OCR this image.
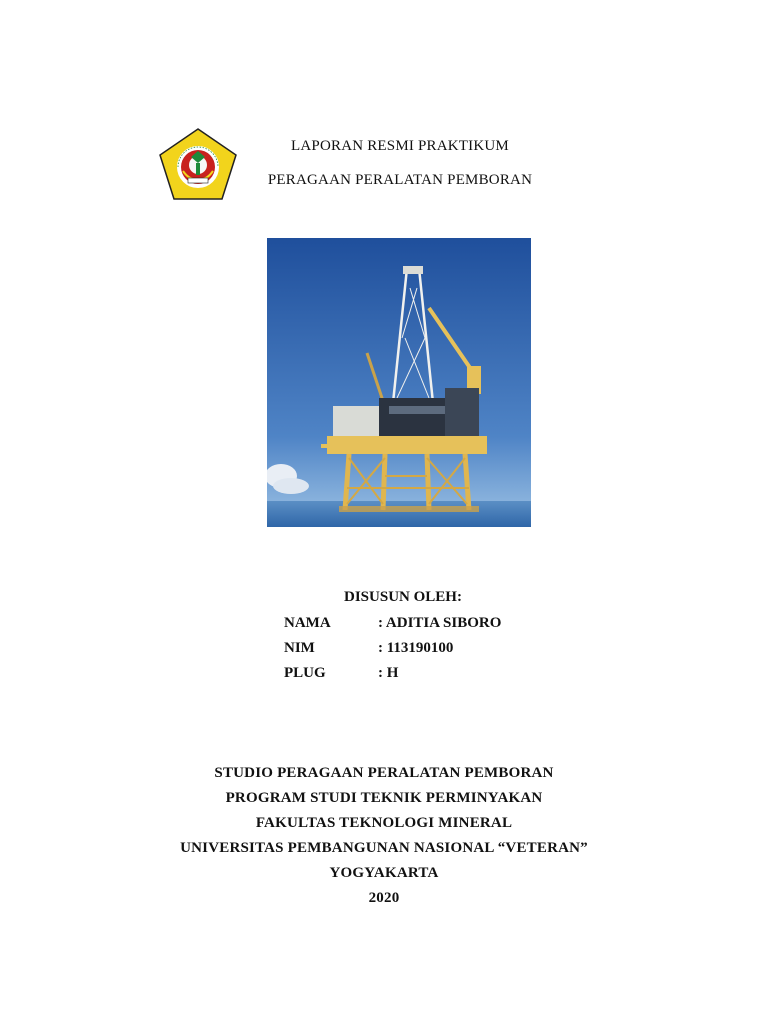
LAPORAN RESMI PRAKTIKUM
PERAGAAN PERALATAN PEMBORAN
DISUSUN OLEH:
NAMA	: ADITIA SIBORO
NIM	: 113190100
PLUG	: H
STUDIO PERAGAAN PERALATAN PEMBORAN
PROGRAM STUDI TEKNIK PERMINYAKAN
FAKULTAS TEKNOLOGI MINERAL
UNIVERSITAS PEMBANGUNAN NASIONAL “VETERAN”
YOGYAKARTA
2020
